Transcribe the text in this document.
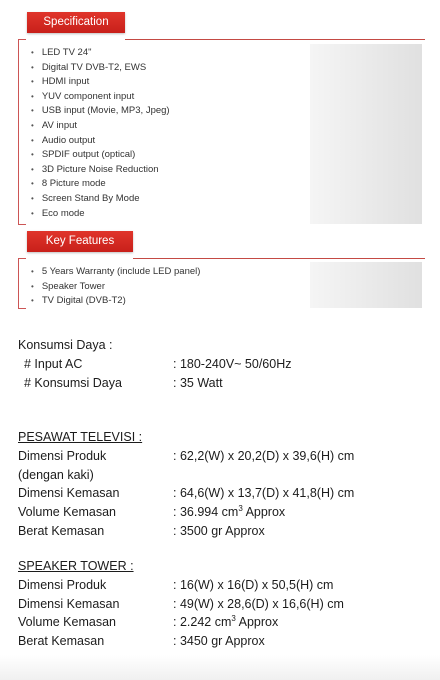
Specification
• LED TV 24"
• Digital TV DVB-T2, EWS
• HDMI input
• YUV component input
• USB input (Movie, MP3, Jpeg)
• AV input
• Audio output
• SPDIF output (optical)
• 3D Picture Noise Reduction
• 8 Picture mode
• Screen Stand By Mode
• Eco mode
Key Features
• 5 Years Warranty (include LED panel)
• Speaker Tower
• TV Digital (DVB-T2)
Konsumsi Daya :
# Input AC	: 180-240V~ 50/60Hz
# Konsumsi Daya	: 35 Watt
PESAWAT TELEVISI :
Dimensi Produk	: 62,2(W) x 20,2(D) x 39,6(H) cm
(dengan kaki)
Dimensi Kemasan	: 64,6(W) x 13,7(D) x 41,8(H) cm
Volume Kemasan	: 36.994 $cm^3$ Approx
Berat Kemasan	: 3500 gr Approx
SPEAKER TOWER :
Dimensi Produk	: 16(W) x 16(D) x 50,5(H) cm
Dimensi Kemasan	: 49(W) x 28,6(D) x 16,6(H) cm
Volume Kemasan	: 2.242 $cm^3$ Approx
Berat Kemasan	: 3450 gr Approx
